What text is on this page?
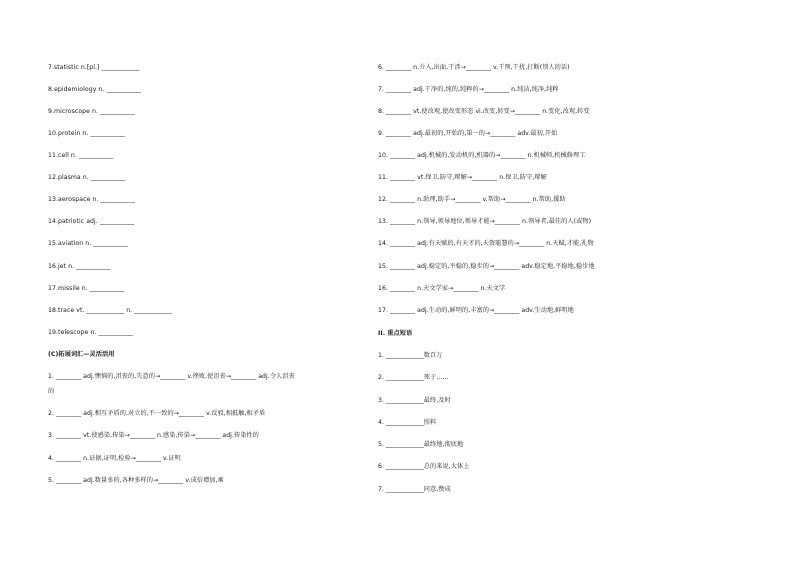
7.statistic n.[pl.] ____________
8.epidemiology n. ___________
9.microscope n. ___________
10.protein n. ___________
11.cell n. ___________
12.plasma n. ___________
13.aerospace n. ___________
14.patriotic adj. ___________
15.aviation n. ___________
16.jet n. ___________
17.missile n. ___________
18.trace vt. ____________ n. ____________
19.telescope n. ___________
(C)拓展词汇—灵活活用
1. ________ adj.懊恼的,沮丧的,失意的→________ v.挫败,使沮丧→________ adj.令人沮丧
的
2. ________ adj.相互矛盾的,对立的,不一致的→________ v.反驳,相抵触,相矛盾
3. ________ vt.使感染,传染→________ n.感染,传染→________ adj.传染性的
4. ________ n.证据,证明,检验→________ v.证明
5. ________ adj.数量多的,各种多样的→________ v.成倍增加,乘
6. ________ n.介入,出面,干涉→________ v.干预,干扰,打断(别人的话)
7. ________ adj.干净的,纯的,纯粹的→________ n.纯洁,纯净,纯粹
8. ________ vt.使改观,使改变形态 vi.改变,转变→________ n.变化,改观,转变
9. ________ adj.最初的,开始的,第一的→________ adv.最初,开始
10. ________ adj.机械的,发动机的,机器的→________ n.机械师,机械修理工
11. ________ vt.保卫,防守,辩解→________ n.保卫,防守,辩解
12. ________ n.助理,助手→________ v.帮助→________ n.帮助,援助
13. ________ n.领导,领导地位,领导才能→________ n.领导者,最佳的人(或物)
14. ________ adj.有天赋的,有天才的,天资聪慧的→________ n.天赋,才能,礼物
15. ________ adj.稳定的,平稳的,稳步的→________ adv.稳定地,平稳地,稳步地
16. ________ n.天文学家→________ n.天文学
17. ________ adj.生动的,鲜明的,丰富的→________ adv.生动地,鲜明地
II. 重点短语
1. ____________数百万
2. ____________死于……
3. ____________最终,及时
4. ____________照料
5. ____________最终地,彻底地
6. ____________总的来说,大体上
7. ____________同意,赞成
